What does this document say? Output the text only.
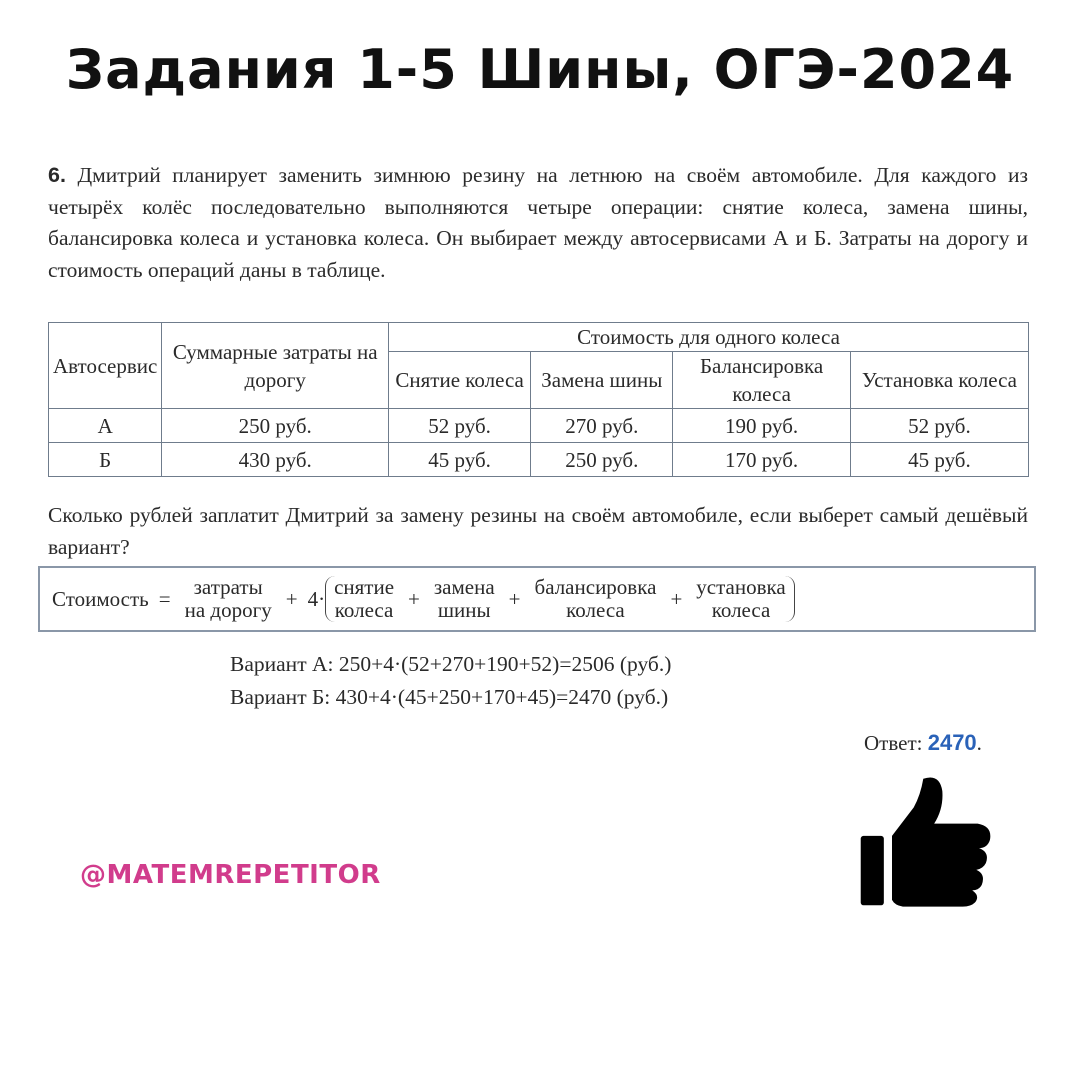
Задания 1-5 Шины, ОГЭ-2024
6. Дмитрий планирует заменить зимнюю резину на летнюю на своём автомобиле. Для каждого из четырёх колёс последовательно выполняются четыре операции: снятие колеса, замена шины, балансировка колеса и установка колеса. Он выбирает между автосервисами А и Б. Затраты на дорогу и стоимость операций даны в таблице.
Автосервис	Суммарные затраты на дорогу	Стоимость для одного колеса			
		Снятие колеса	Замена шины	Балансировка колеса	Установка колеса
А	250 руб.	52 руб.	270 руб.	190 руб.	52 руб.
Б	430 руб.	45 руб.	250 руб.	170 руб.	45 руб.
Сколько рублей заплатит Дмитрий за замену резины на своём автомобиле, если выберет самый дешёвый вариант?
Стоимость = затраты
на дорогу + 4· снятие
колеса + замена
шины + балансировка
колеса + установка
колеса
Вариант А: 250+4·(52+270+190+52)=2506 (руб.)
Вариант Б: 430+4·(45+250+170+45)=2470 (руб.)
Ответ: 2470.
@MATEMREPETITOR
